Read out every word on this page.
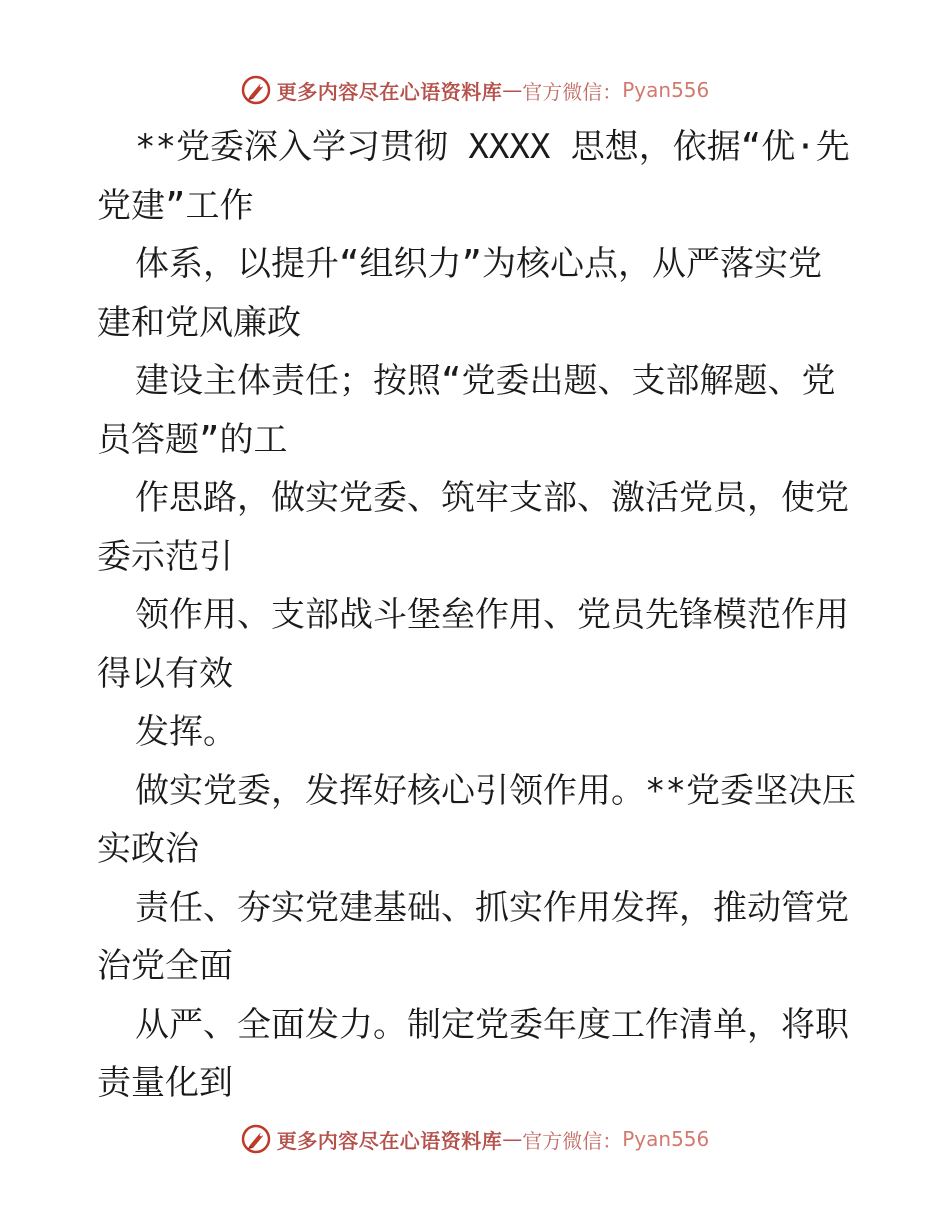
更多内容尽在心语资料库 — 官方微信： Pyan556
**党委深入学习贯彻 XXXX 思想，依据“优·先
党建”工作
体系，以提升“组织力”为核心点，从严落实党
建和党风廉政
建设主体责任；按照“党委出题、支部解题、党
员答题”的工
作思路，做实党委、筑牢支部、激活党员，使党
委示范引
领作用、支部战斗堡垒作用、党员先锋模范作用
得以有效
发挥。
做实党委，发挥好核心引领作用。**党委坚决压
实政治
责任、夯实党建基础、抓实作用发挥，推动管党
治党全面
从严、全面发力。制定党委年度工作清单，将职
责量化到
更多内容尽在心语资料库 — 官方微信： Pyan556
